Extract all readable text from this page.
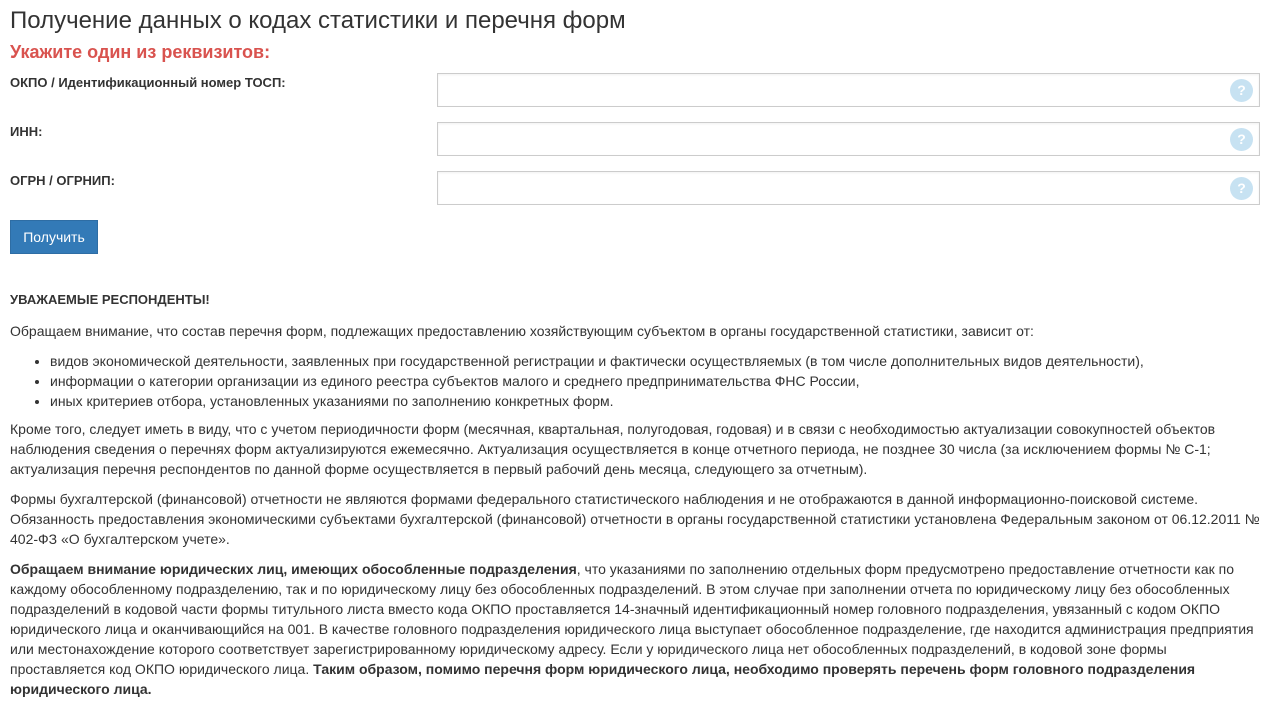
Получение данных о кодах статистики и перечня форм
Укажите один из реквизитов:
ОКПО / Идентификационный номер ТОСП:	?
ИНН:	?
ОГРН / ОГРНИП:	?
Получить

УВАЖАЕМЫЕ РЕСПОНДЕНТЫ!

Обращаем внимание, что состав перечня форм, подлежащих предоставлению хозяйствующим субъектом в органы государственной статистики, зависит от:

• видов экономической деятельности, заявленных при государственной регистрации и фактически осуществляемых (в том числе дополнительных видов деятельности),
• информации о категории организации из единого реестра субъектов малого и среднего предпринимательства ФНС России,
• иных критериев отбора, установленных указаниями по заполнению конкретных форм.

Кроме того, следует иметь в виду, что с учетом периодичности форм (месячная, квартальная, полугодовая, годовая) и в связи с необходимостью актуализации совокупностей объектов наблюдения сведения о перечнях форм актуализируются ежемесячно. Актуализация осуществляется в конце отчетного периода, не позднее 30 числа (за исключением формы № С-1; актуализация перечня респондентов по данной форме осуществляется в первый рабочий день месяца, следующего за отчетным).

Формы бухгалтерской (финансовой) отчетности не являются формами федерального статистического наблюдения и не отображаются в данной информационно-поисковой системе. Обязанность предоставления экономическими субъектами бухгалтерской (финансовой) отчетности в органы государственной статистики установлена Федеральным законом от 06.12.2011 № 402-ФЗ «О бухгалтерском учете».

Обращаем внимание юридических лиц, имеющих обособленные подразделения, что указаниями по заполнению отдельных форм предусмотрено предоставление отчетности как по каждому обособленному подразделению, так и по юридическому лицу без обособленных подразделений. В этом случае при заполнении отчета по юридическому лицу без обособленных подразделений в кодовой части формы титульного листа вместо кода ОКПО проставляется 14-значный идентификационный номер головного подразделения, увязанный с кодом ОКПО юридического лица и оканчивающийся на 001. В качестве головного подразделения юридического лица выступает обособленное подразделение, где находится администрация предприятия или местонахождение которого соответствует зарегистрированному юридическому адресу. Если у юридического лица нет обособленных подразделений, в кодовой зоне формы проставляется код ОКПО юридического лица. Таким образом, помимо перечня форм юридического лица, необходимо проверять перечень форм головного подразделения юридического лица.
